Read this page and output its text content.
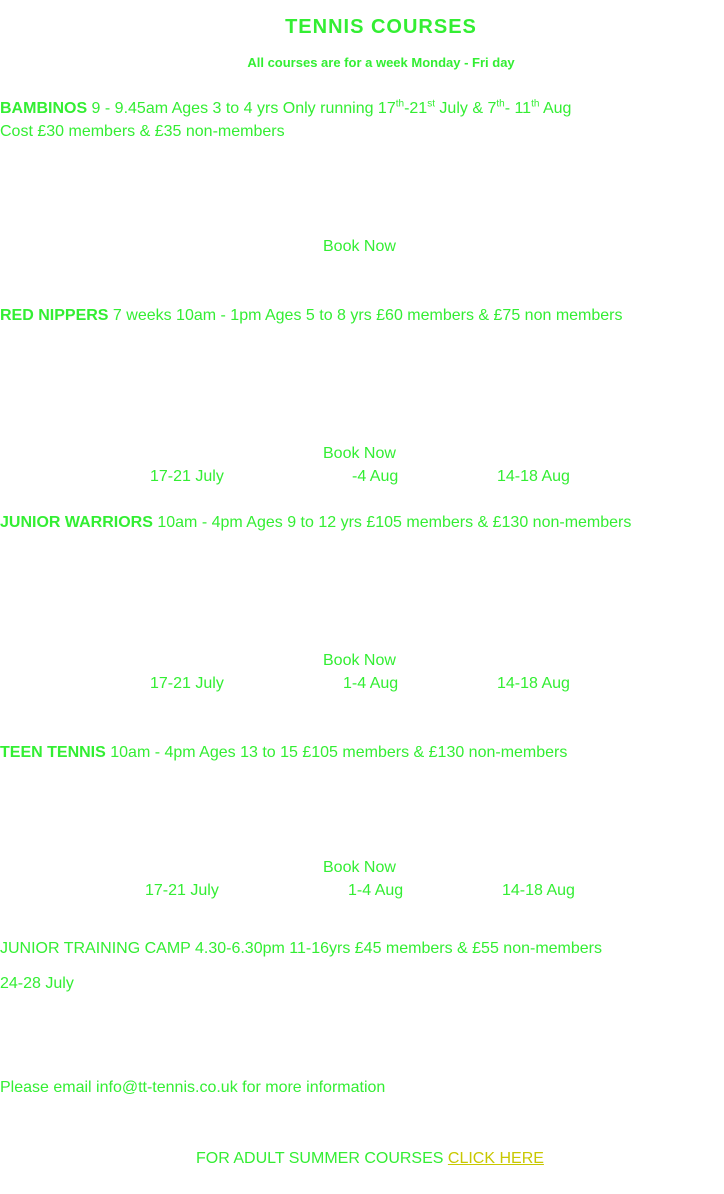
TENNIS COURSES
All courses are for a week Monday - Fri day
BAMBINOS 9 - 9.45am Ages 3 to 4 yrs Only running 17th-21st July & 7th- 11th Aug
Cost £30 members & £35 non-members
Book Now
RED NIPPERS 7 weeks 10am - 1pm Ages 5 to 8 yrs £60 members & £75 non members
Book Now
17-21 July	-4 Aug	14-18 Aug
JUNIOR WARRIORS 10am - 4pm Ages 9 to 12 yrs £105 members & £130 non-members
Book Now
17-21 July	1-4 Aug	14-18 Aug
TEEN TENNIS 10am - 4pm Ages 13 to 15 £105 members & £130 non-members
Book Now
17-21 July	1-4 Aug	14-18 Aug
JUNIOR TRAINING CAMP 4.30-6.30pm 11-16yrs £45 members & £55 non-members
24-28 July
Please email info@tt-tennis.co.uk for more information
FOR ADULT SUMMER COURSES CLICK HERE
